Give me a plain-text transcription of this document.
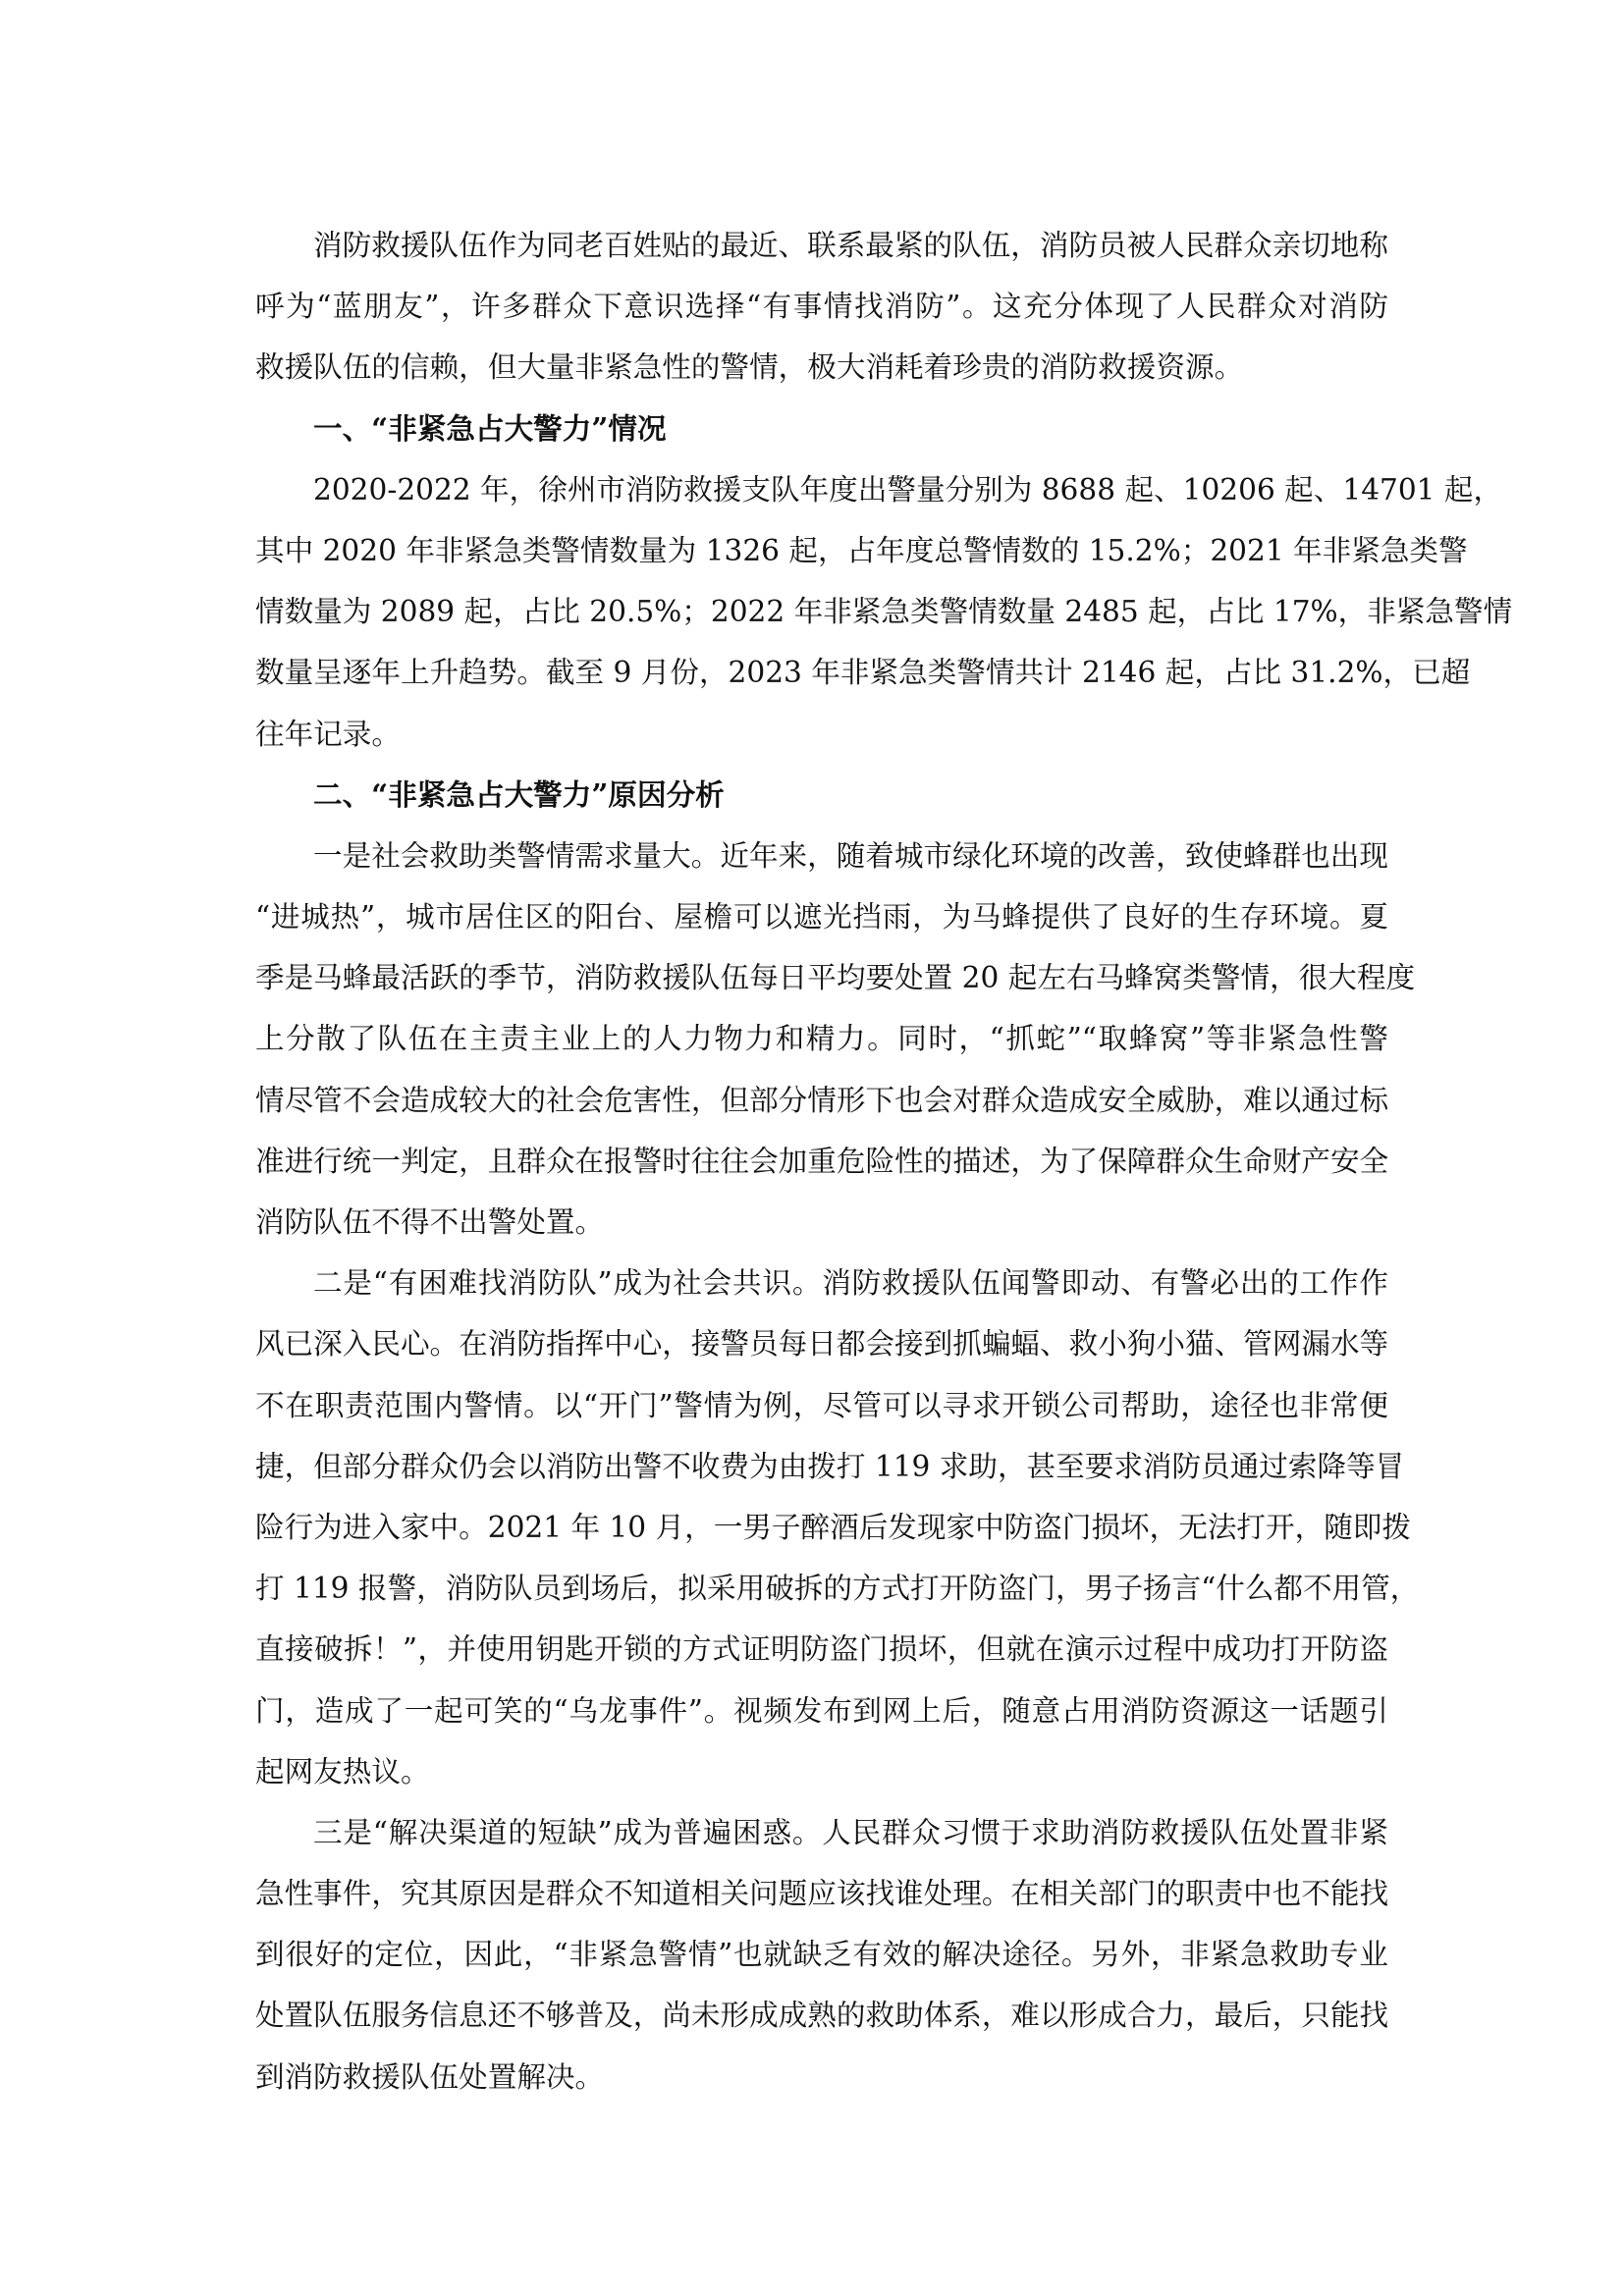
消防救援队伍作为同老百姓贴的最近、联系最紧的队伍，消防员被人民群众亲切地称
呼为“蓝朋友”，许多群众下意识选择“有事情找消防”。这充分体现了人民群众对消防
救援队伍的信赖，但大量非紧急性的警情，极大消耗着珍贵的消防救援资源。
一、“非紧急占大警力”情况
2020-2022 年，徐州市消防救援支队年度出警量分别为 8688 起、10206 起、14701 起，
其中 2020 年非紧急类警情数量为 1326 起，占年度总警情数的 15.2%；2021 年非紧急类警
情数量为 2089 起，占比 20.5%；2022 年非紧急类警情数量 2485 起，占比 17%，非紧急警情
数量呈逐年上升趋势。截至 9 月份，2023 年非紧急类警情共计 2146 起，占比 31.2%，已超
往年记录。
二、“非紧急占大警力”原因分析
一是社会救助类警情需求量大。近年来，随着城市绿化环境的改善，致使蜂群也出现
“进城热”，城市居住区的阳台、屋檐可以遮光挡雨，为马蜂提供了良好的生存环境。夏
季是马蜂最活跃的季节，消防救援队伍每日平均要处置 20 起左右马蜂窝类警情，很大程度
上分散了队伍在主责主业上的人力物力和精力。同时，“抓蛇”“取蜂窝”等非紧急性警
情尽管不会造成较大的社会危害性，但部分情形下也会对群众造成安全威胁，难以通过标
准进行统一判定，且群众在报警时往往会加重危险性的描述，为了保障群众生命财产安全
消防队伍不得不出警处置。
二是“有困难找消防队”成为社会共识。消防救援队伍闻警即动、有警必出的工作作
风已深入民心。在消防指挥中心，接警员每日都会接到抓蝙蝠、救小狗小猫、管网漏水等
不在职责范围内警情。以“开门”警情为例，尽管可以寻求开锁公司帮助，途径也非常便
捷，但部分群众仍会以消防出警不收费为由拨打 119 求助，甚至要求消防员通过索降等冒
险行为进入家中。2021 年 10 月，一男子醉酒后发现家中防盗门损坏，无法打开，随即拨
打 119 报警，消防队员到场后，拟采用破拆的方式打开防盗门，男子扬言“什么都不用管，
直接破拆！”，并使用钥匙开锁的方式证明防盗门损坏，但就在演示过程中成功打开防盗
门，造成了一起可笑的“乌龙事件”。视频发布到网上后，随意占用消防资源这一话题引
起网友热议。
三是“解决渠道的短缺”成为普遍困惑。人民群众习惯于求助消防救援队伍处置非紧
急性事件，究其原因是群众不知道相关问题应该找谁处理。在相关部门的职责中也不能找
到很好的定位，因此，“非紧急警情”也就缺乏有效的解决途径。另外，非紧急救助专业
处置队伍服务信息还不够普及，尚未形成成熟的救助体系，难以形成合力，最后，只能找
到消防救援队伍处置解决。
